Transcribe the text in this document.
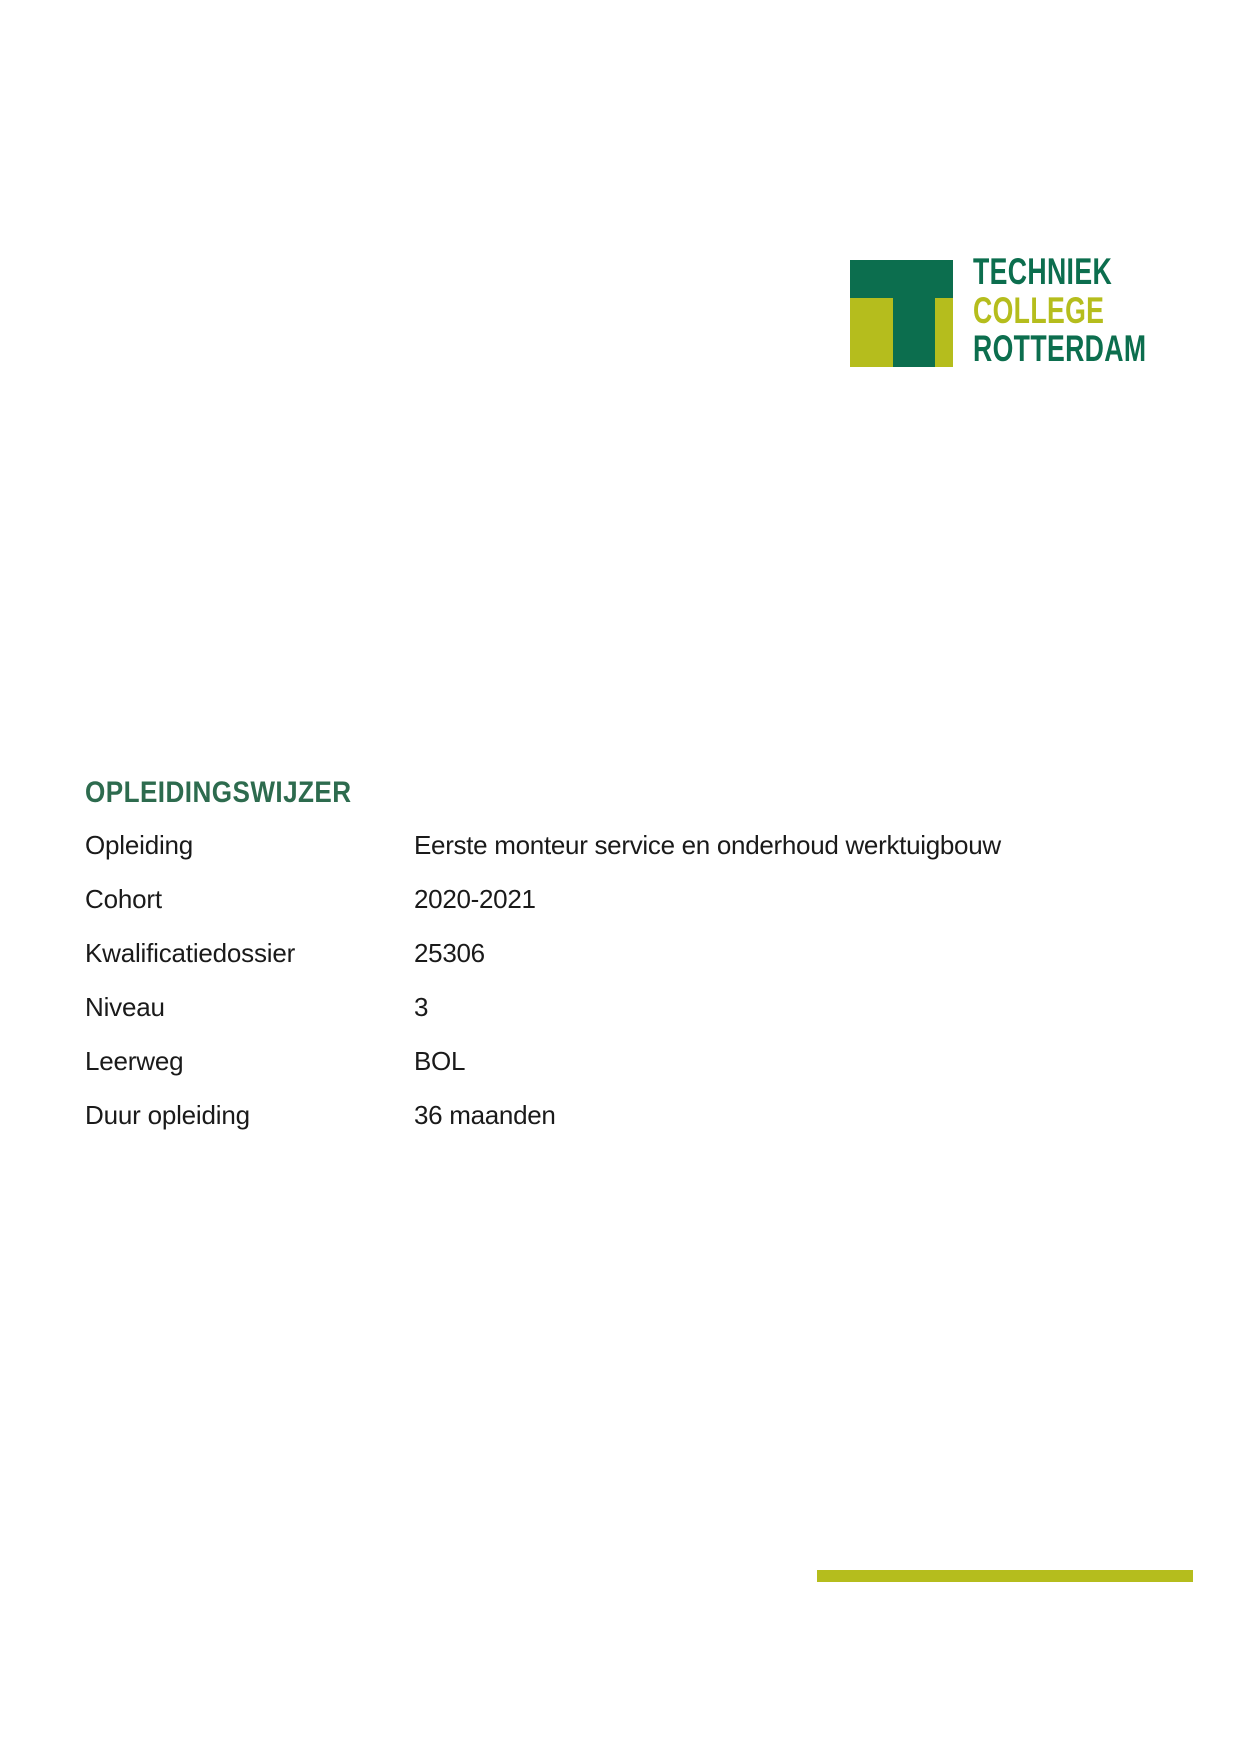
TECHNIEK
COLLEGE
ROTTERDAM
OPLEIDINGSWIJZER
Opleiding	Eerste monteur service en onderhoud werktuigbouw
Cohort	2020-2021
Kwalificatiedossier	25306
Niveau	3
Leerweg	BOL
Duur opleiding	36 maanden
